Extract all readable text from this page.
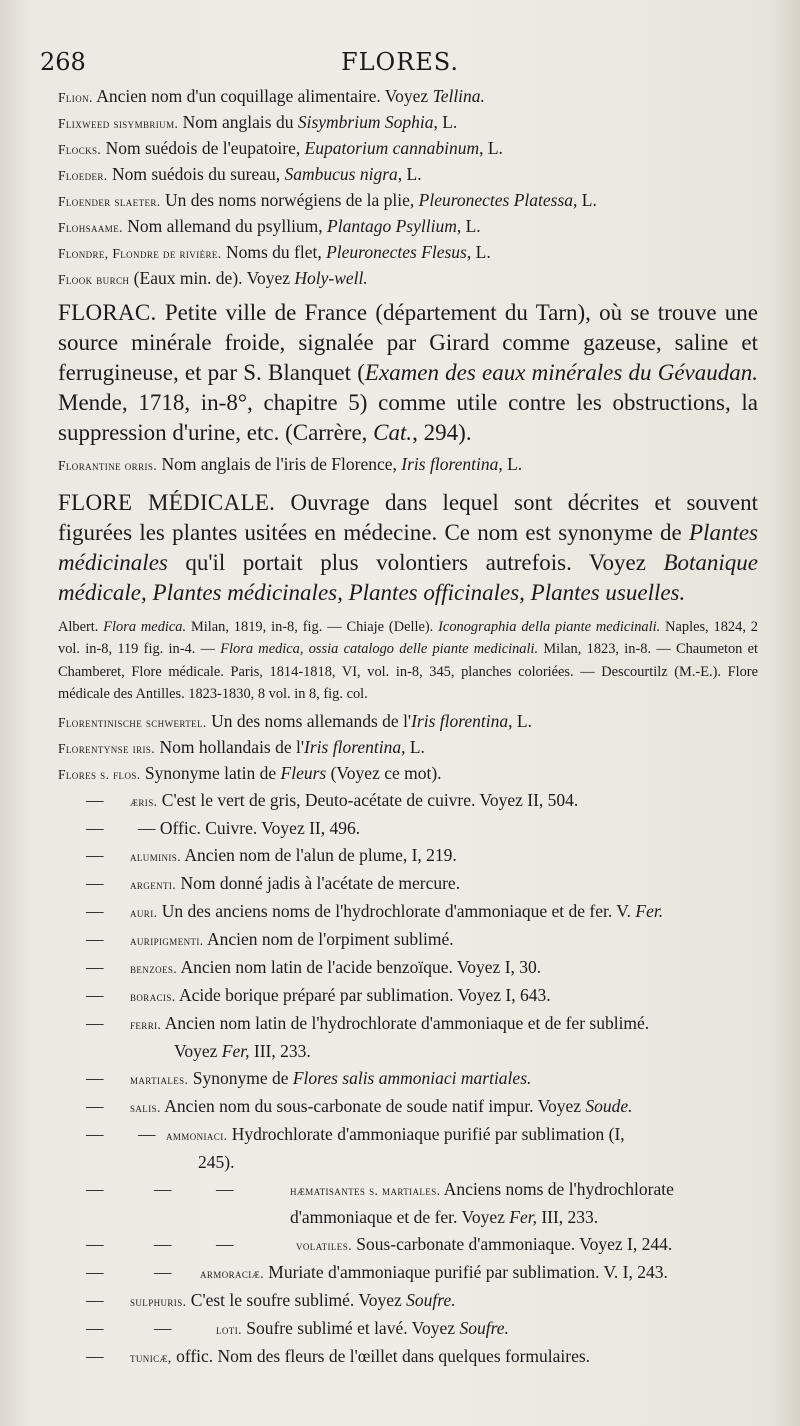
268	FLORES.
Flion. Ancien nom d'un coquillage alimentaire. Voyez Tellina.
Flixweed sisymbrium. Nom anglais du Sisymbrium Sophia, L.
Flocks. Nom suédois de l'eupatoire, Eupatorium cannabinum, L.
Floeder. Nom suédois du sureau, Sambucus nigra, L.
Floender slaeter. Un des noms norwégiens de la plie, Pleuronectes Platessa, L.
Flohsaame. Nom allemand du psyllium, Plantago Psyllium, L.
Flondre, Flondre de rivière. Noms du flet, Pleuronectes Flesus, L.
Flook burch (Eaux min. de). Voyez Holy-well.
FLORAC. Petite ville de France (département du Tarn), où se trouve une source minérale froide, signalée par Girard comme gazeuse, saline et ferrugineuse, et par S. Blanquet (Examen des eaux minérales du Gévaudan. Mende, 1718, in-8°, chapitre 5) comme utile contre les obstructions, la suppression d'urine, etc. (Carrère, Cat., 294).
Florantine orris. Nom anglais de l'iris de Florence, Iris florentina, L.
FLORE MÉDICALE. Ouvrage dans lequel sont décrites et souvent figurées les plantes usitées en médecine. Ce nom est synonyme de Plantes médicinales qu'il portait plus volontiers autrefois. Voyez Botanique médicale, Plantes médicinales, Plantes officinales, Plantes usuelles.
Albert. Flora medica. Milan, 1819, in-8, fig. — Chiaje (Delle). Iconographia della piante medicinali. Naples, 1824, 2 vol. in-8, 119 fig. in-4. — Flora medica, ossia catalogo delle piante medicinali. Milan, 1823, in-8. — Chaumeton et Chamberet, Flore médicale. Paris, 1814-1818, VI, vol. in-8, 345, planches coloriées. — Descourtilz (M.-E.). Flore médicale des Antilles. 1823-1830, 8 vol. in 8, fig. col.
Florentinische schwertel. Un des noms allemands de l'Iris florentina, L.
Florentynse iris. Nom hollandais de l'Iris florentina, L.
Flores s. flos. Synonyme latin de Fleurs (Voyez ce mot).
—	æris. C'est le vert de gris, Deuto-acétate de cuivre. Voyez II, 504.
—	— Offic. Cuivre. Voyez II, 496.
—	aluminis. Ancien nom de l'alun de plume, I, 219.
—	argenti. Nom donné jadis à l'acétate de mercure.
—	auri. Un des anciens noms de l'hydrochlorate d'ammoniaque et de fer. V. Fer.
—	auripigmenti. Ancien nom de l'orpiment sublimé.
—	benzoes. Ancien nom latin de l'acide benzoïque. Voyez I, 30.
—	boracis. Acide borique préparé par sublimation. Voyez I, 643.
—	ferri. Ancien nom latin de l'hydrochlorate d'ammoniaque et de fer sublimé.
Voyez Fer, III, 233.
—	martiales. Synonyme de Flores salis ammoniaci martiales.
—	salis. Ancien nom du sous-carbonate de soude natif impur. Voyez Soude.
— — ammoniaci. Hydrochlorate d'ammoniaque purifié par sublimation (I,
245).
—	—	—	hæmatisantes s. martiales. Anciens noms de l'hydrochlorate
d'ammoniaque et de fer. Voyez Fer, III, 233.
—	—	—	volatiles. Sous-carbonate d'ammoniaque. Voyez I, 244.
—	—	armoraciæ. Muriate d'ammoniaque purifié par sublimation. V. I, 243.
—	sulphuris. C'est le soufre sublimé. Voyez Soufre.
—	—	loti. Soufre sublimé et lavé. Voyez Soufre.
—	tunicæ, offic. Nom des fleurs de l'œillet dans quelques formulaires.
